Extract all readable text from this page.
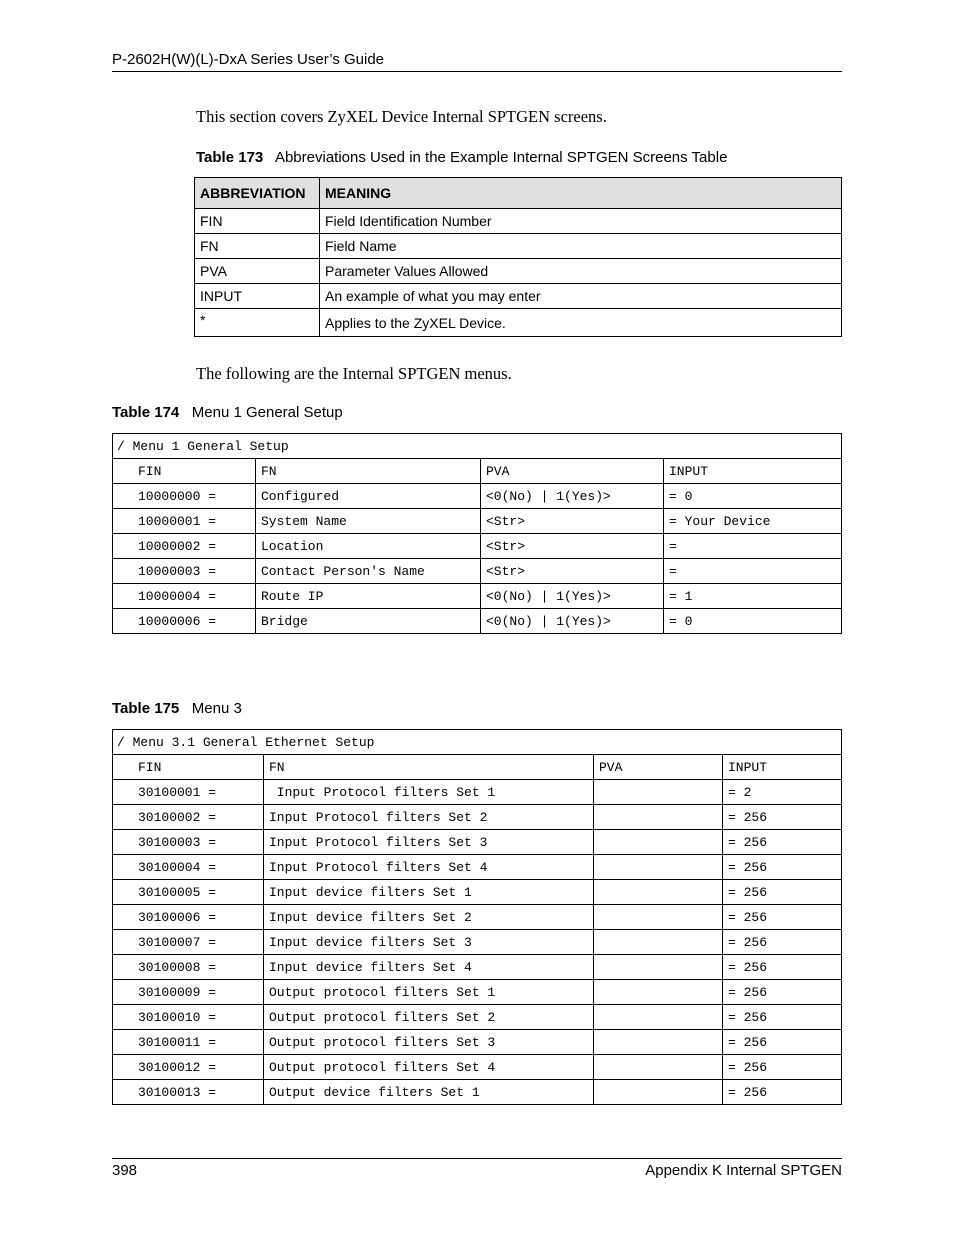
P-2602H(W)(L)-DxA Series User’s Guide
This section covers ZyXEL Device Internal SPTGEN screens.
Table 173 Abbreviations Used in the Example Internal SPTGEN Screens Table
ABBREVIATION	MEANING
FIN	Field Identification Number
FN	Field Name
PVA	Parameter Values Allowed
INPUT	An example of what you may enter
*	Applies to the ZyXEL Device.
The following are the Internal SPTGEN menus.
Table 174 Menu 1 General Setup
/ Menu 1 General Setup			
FIN	FN	PVA	INPUT
10000000 =	Configured	<0(No) | 1(Yes)>	= 0
10000001 =	System Name	<Str>	= Your Device
10000002 =	Location	<Str>	=
10000003 =	Contact Person's Name	<Str>	=
10000004 =	Route IP	<0(No) | 1(Yes)>	= 1
10000006 =	Bridge	<0(No) | 1(Yes)>	= 0
Table 175 Menu 3
/ Menu 3.1 General Ethernet Setup			
FIN	FN	PVA	INPUT
30100001 =	Input Protocol filters Set 1		= 2
30100002 =	Input Protocol filters Set 2		= 256
30100003 =	Input Protocol filters Set 3		= 256
30100004 =	Input Protocol filters Set 4		= 256
30100005 =	Input device filters Set 1		= 256
30100006 =	Input device filters Set 2		= 256
30100007 =	Input device filters Set 3		= 256
30100008 =	Input device filters Set 4		= 256
30100009 =	Output protocol filters Set 1		= 256
30100010 =	Output protocol filters Set 2		= 256
30100011 =	Output protocol filters Set 3		= 256
30100012 =	Output protocol filters Set 4		= 256
30100013 =	Output device filters Set 1		= 256
398	Appendix K Internal SPTGEN
